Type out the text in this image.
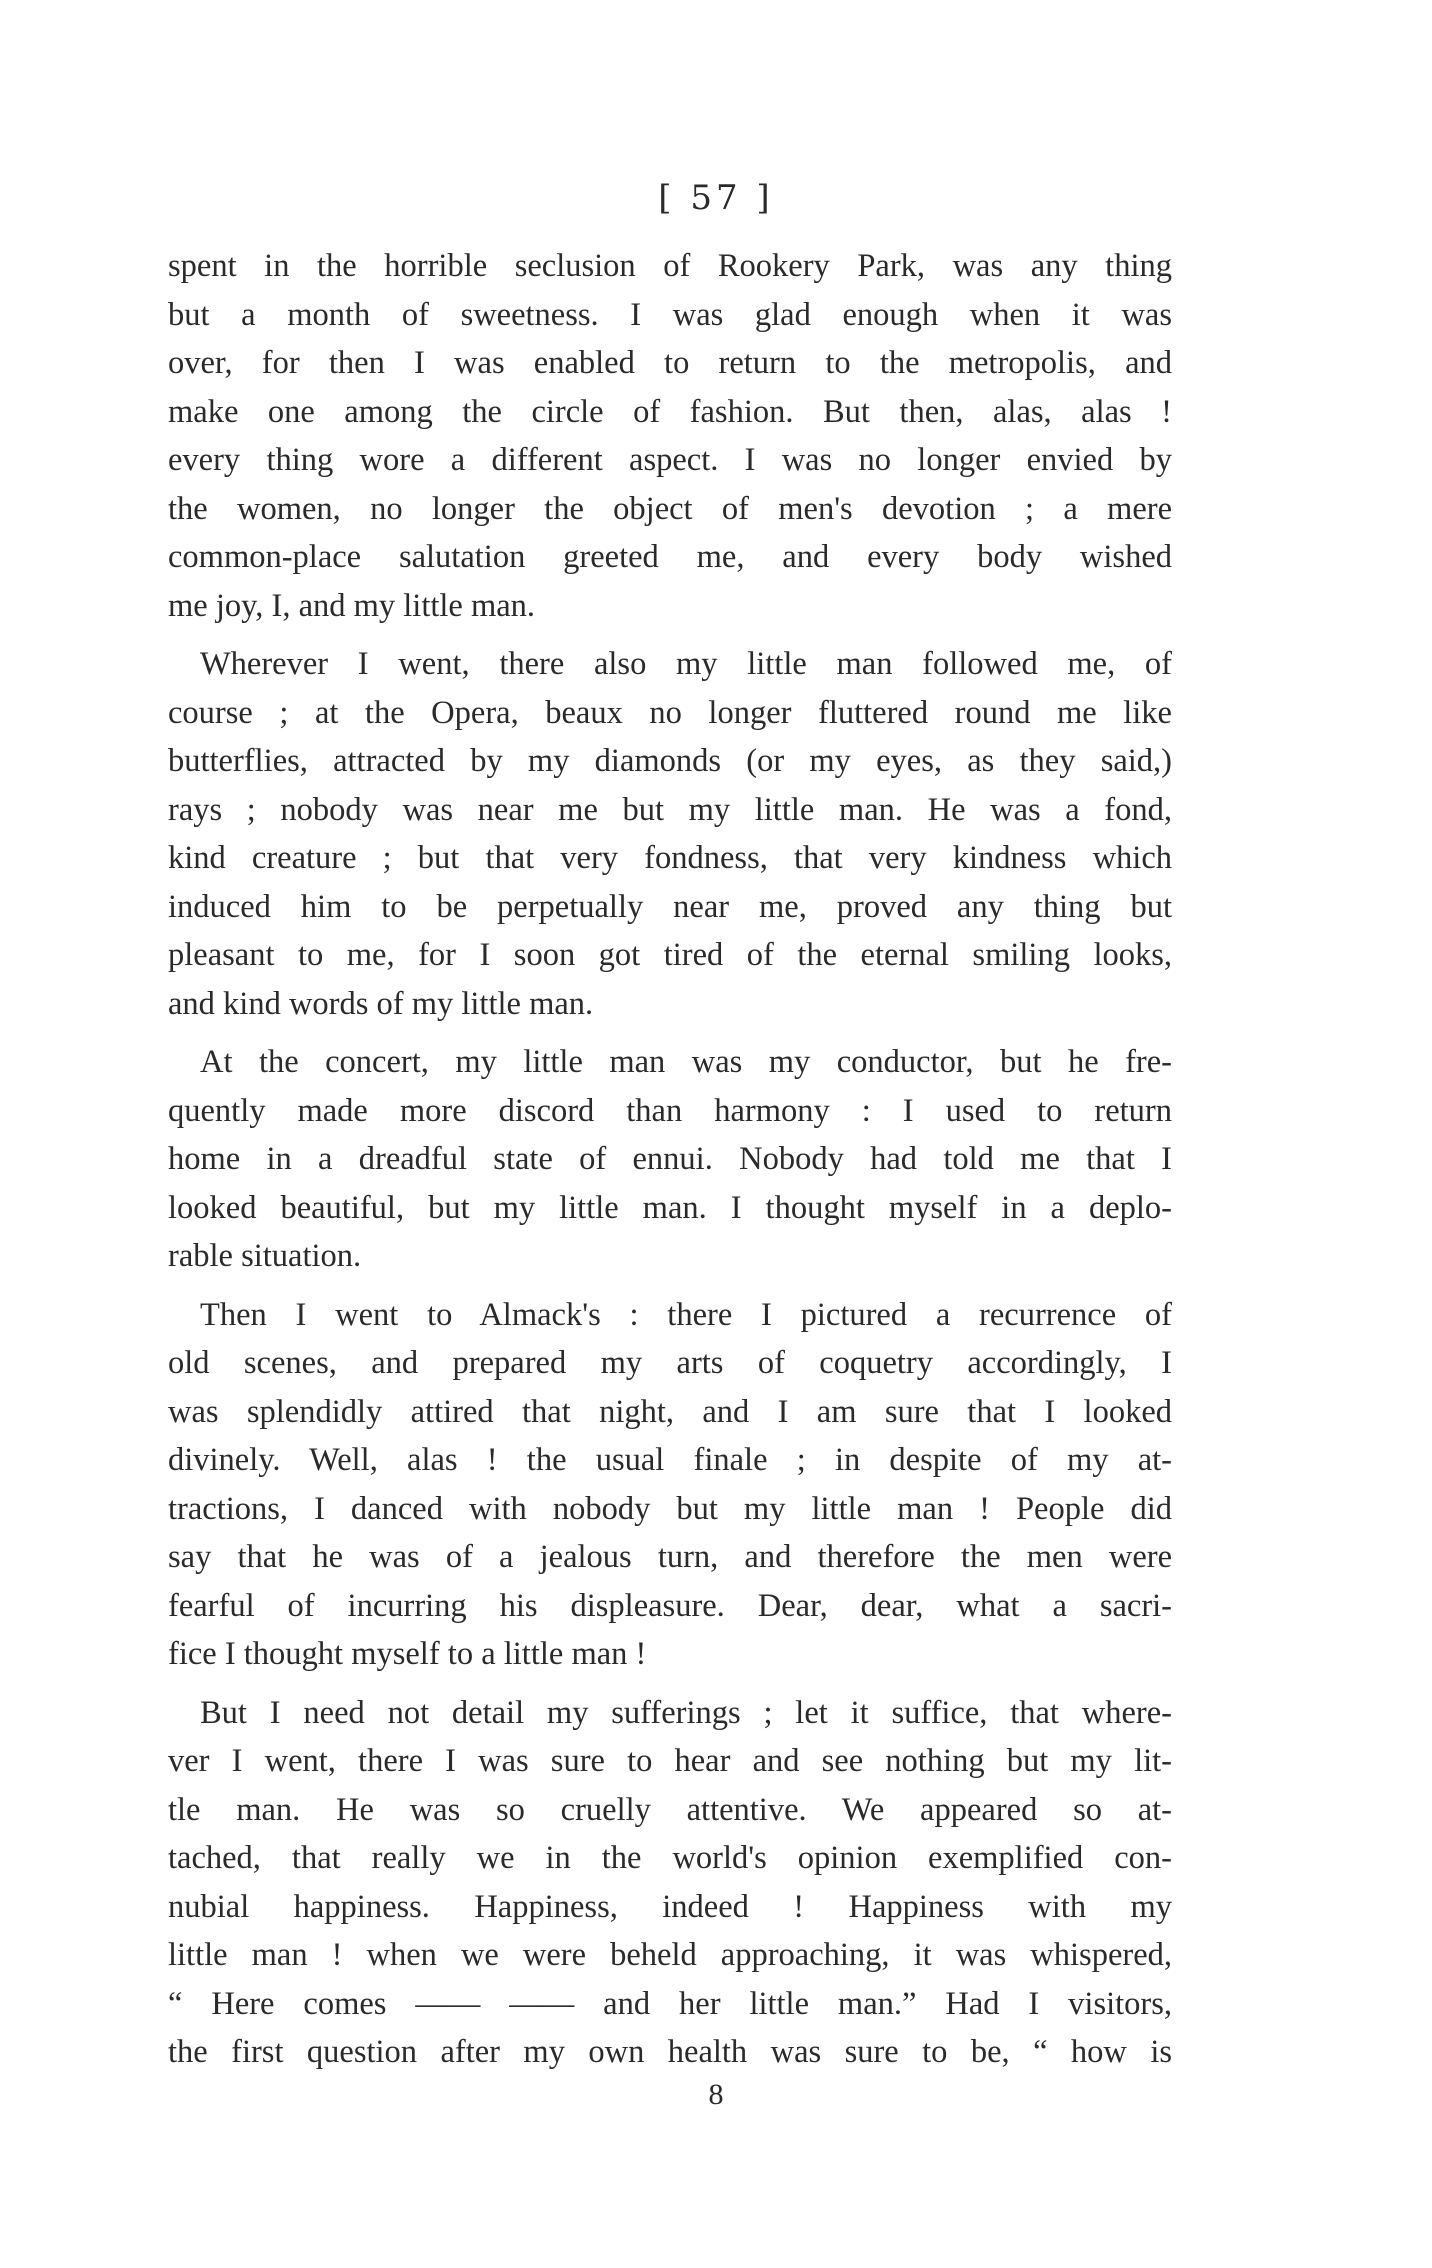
[ 57 ]
spent in the horrible seclusion of Rookery Park, was any thing
but a month of sweetness. I was glad enough when it was
over, for then I was enabled to return to the metropolis, and
make one among the circle of fashion. But then, alas, alas !
every thing wore a different aspect. I was no longer envied by
the women, no longer the object of men's devotion ; a mere
common-place salutation greeted me, and every body wished
me joy, I, and my little man.
Wherever I went, there also my little man followed me, of
course ; at the Opera, beaux no longer fluttered round me like
butterflies, attracted by my diamonds (or my eyes, as they said,)
rays ; nobody was near me but my little man. He was a fond,
kind creature ; but that very fondness, that very kindness which
induced him to be perpetually near me, proved any thing but
pleasant to me, for I soon got tired of the eternal smiling looks,
and kind words of my little man.
At the concert, my little man was my conductor, but he fre-
quently made more discord than harmony : I used to return
home in a dreadful state of ennui. Nobody had told me that I
looked beautiful, but my little man. I thought myself in a deplo-
rable situation.
Then I went to Almack's : there I pictured a recurrence of
old scenes, and prepared my arts of coquetry accordingly, I
was splendidly attired that night, and I am sure that I looked
divinely. Well, alas ! the usual finale ; in despite of my at-
tractions, I danced with nobody but my little man ! People did
say that he was of a jealous turn, and therefore the men were
fearful of incurring his displeasure. Dear, dear, what a sacri-
fice I thought myself to a little man !
But I need not detail my sufferings ; let it suffice, that where-
ver I went, there I was sure to hear and see nothing but my lit-
tle man. He was so cruelly attentive. We appeared so at-
tached, that really we in the world's opinion exemplified con-
nubial happiness. Happiness, indeed ! Happiness with my
little man ! when we were beheld approaching, it was whispered,
“ Here comes —— —— and her little man.” Had I visitors,
the first question after my own health was sure to be, “ how is
8
